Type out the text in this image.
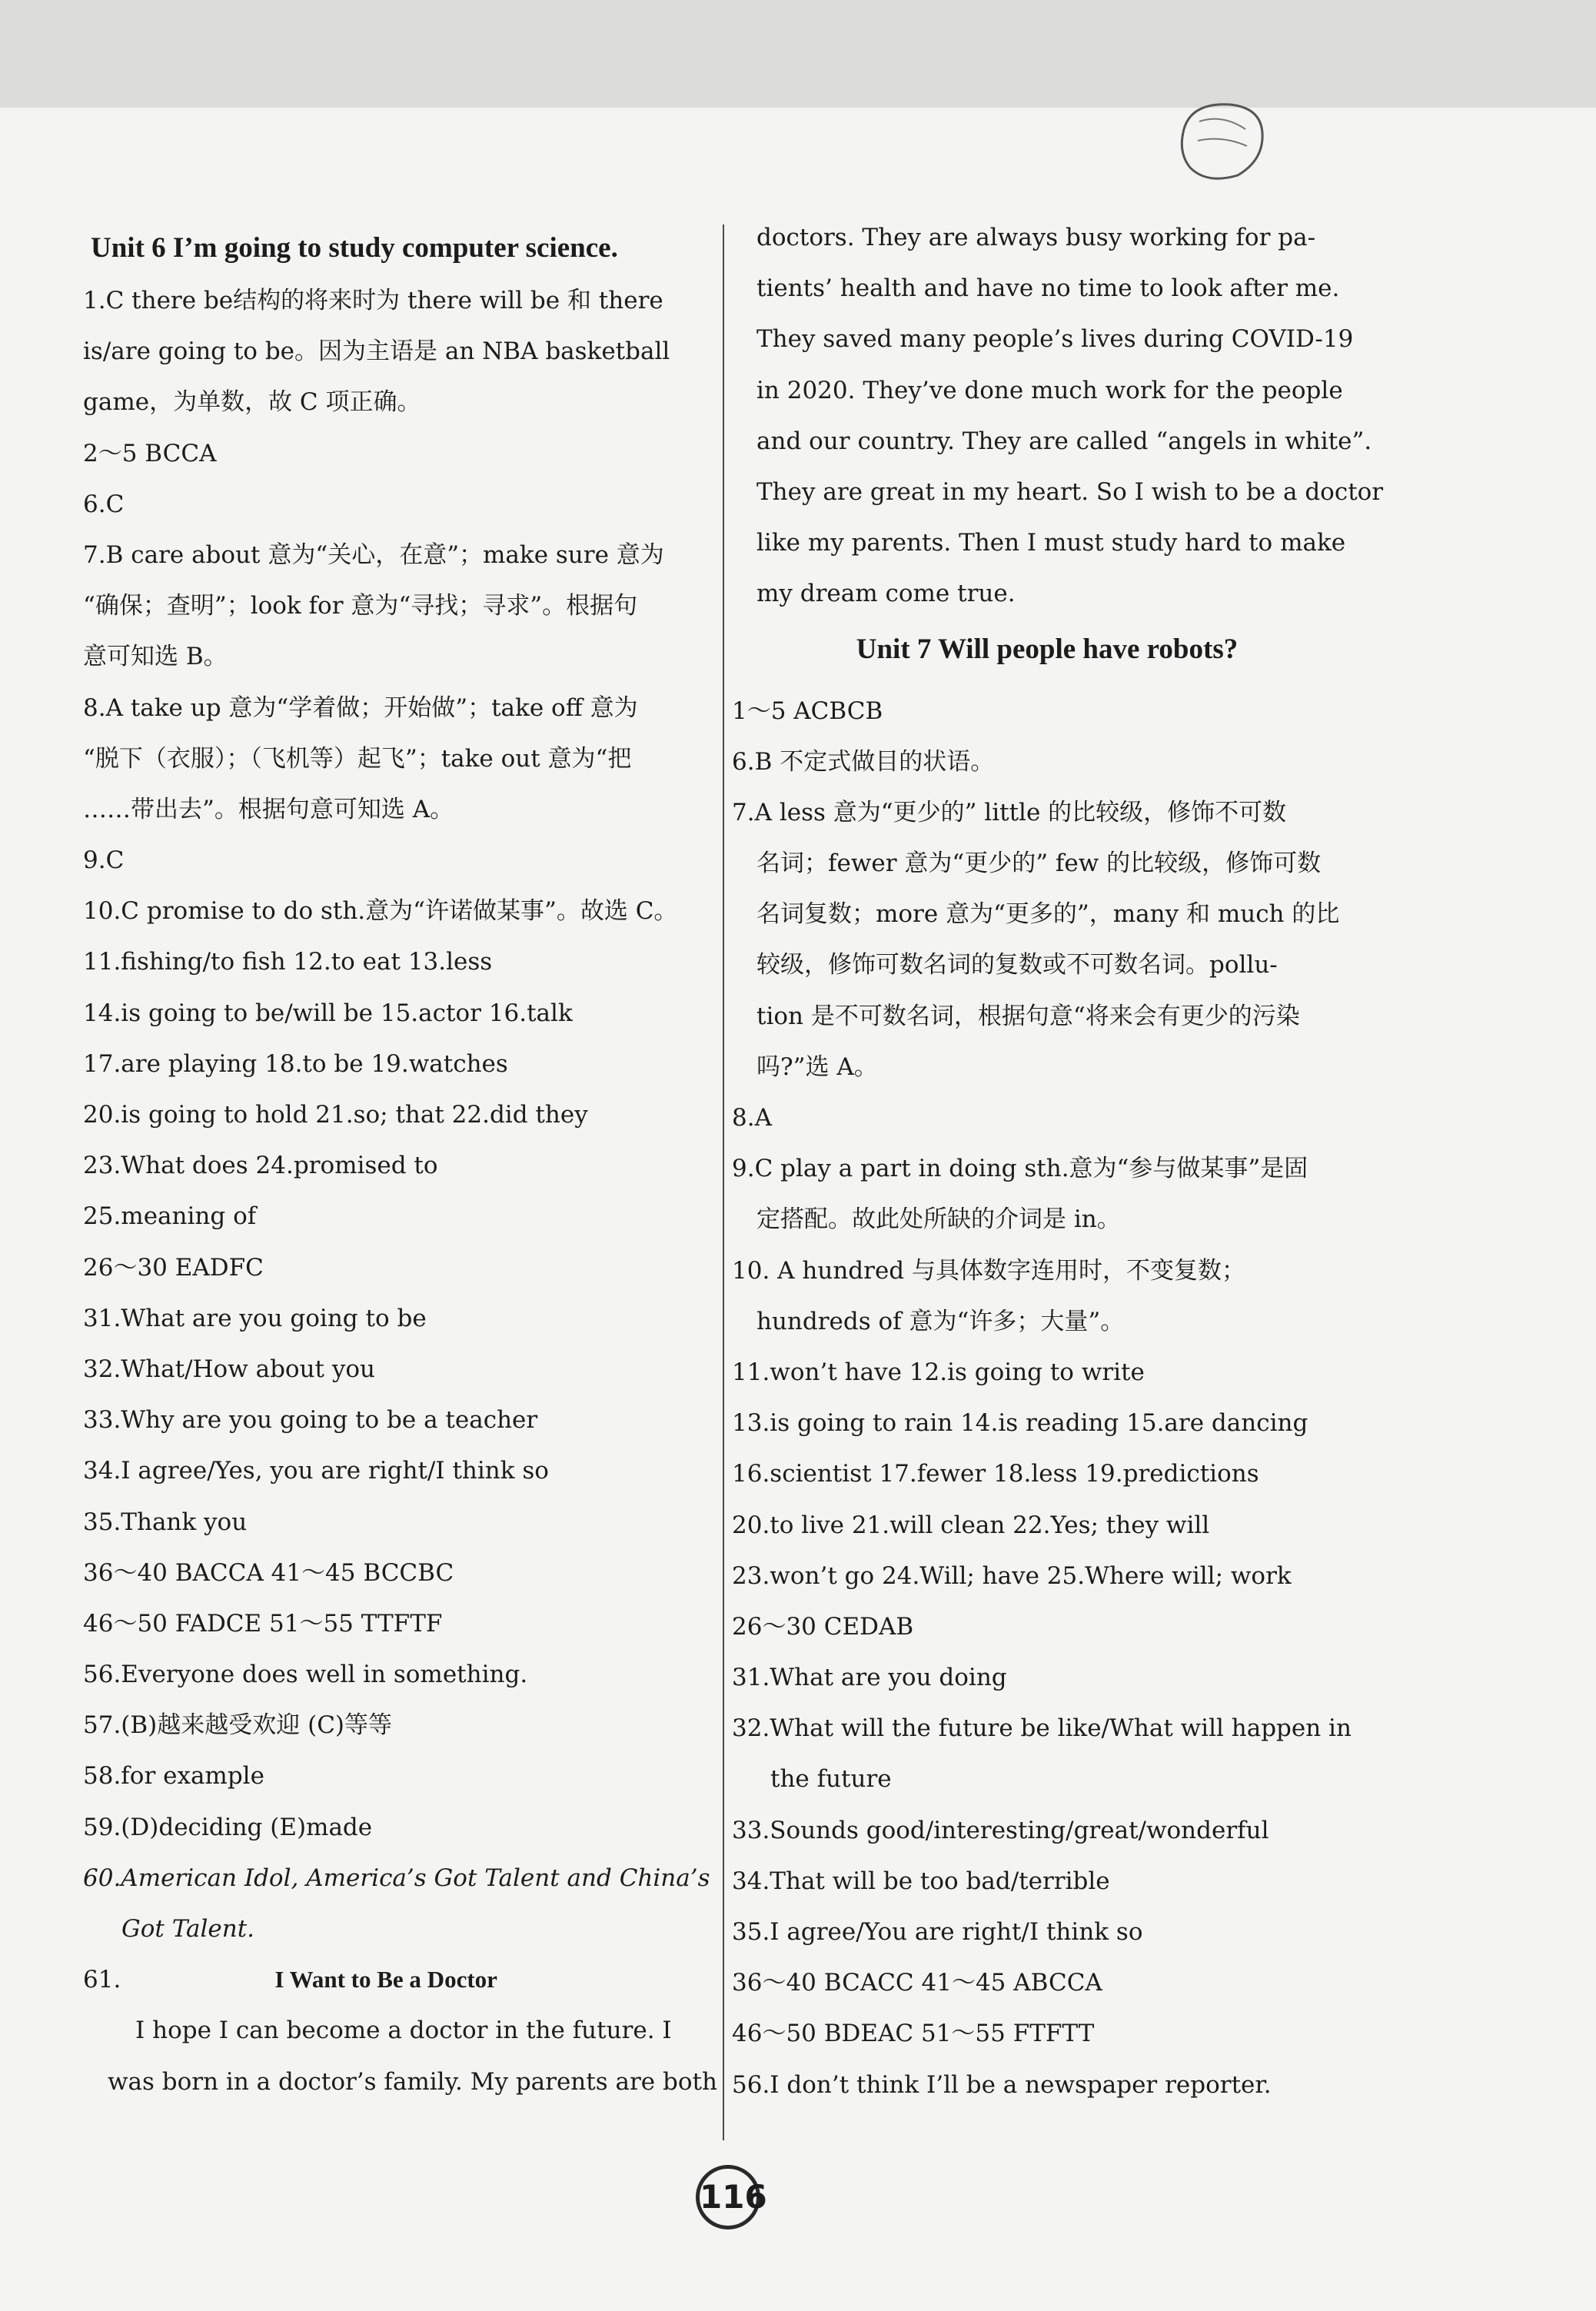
Unit 6 I’m going to study computer science.
1.C there be结构的将来时为 there will be 和 there
is/are going to be。因为主语是 an NBA basketball
game，为单数，故 C 项正确。
2～5 BCCA
6.C
7.B care about 意为“关心，在意”；make sure 意为
“确保；查明”；look for 意为“寻找；寻求”。根据句
意可知选 B。
8.A take up 意为“学着做；开始做”；take off 意为
“脱下（衣服）；（飞机等）起飞”；take out 意为“把
……带出去”。根据句意可知选 A。
9.C
10.C promise to do sth.意为“许诺做某事”。故选 C。
11.fishing/to fish 12.to eat 13.less
14.is going to be/will be 15.actor 16.talk
17.are playing 18.to be 19.watches
20.is going to hold 21.so; that 22.did they
23.What does 24.promised to
25.meaning of
26～30 EADFC
31.What are you going to be
32.What/How about you
33.Why are you going to be a teacher
34.I agree/Yes, you are right/I think so
35.Thank you
36～40 BACCA 41～45 BCCBC
46～50 FADCE 51～55 TTFTF
56.Everyone does well in something.
57.(B)越来越受欢迎 (C)等等
58.for example
59.(D)deciding (E)made
60.American Idol, America’s Got Talent and China’s
Got Talent.
61.	I Want to Be a Doctor
I hope I can become a doctor in the future. I
was born in a doctor’s family. My parents are both
doctors. They are always busy working for pa-
tients’ health and have no time to look after me.
They saved many people’s lives during COVID-19
in 2020. They’ve done much work for the people
and our country. They are called “angels in white”.
They are great in my heart. So I wish to be a doctor
like my parents. Then I must study hard to make
my dream come true.
Unit 7 Will people have robots?
1～5 ACBCB
6.B 不定式做目的状语。
7.A less 意为“更少的” little 的比较级，修饰不可数
名词；fewer 意为“更少的” few 的比较级，修饰可数
名词复数；more 意为“更多的”，many 和 much 的比
较级，修饰可数名词的复数或不可数名词。pollu-
tion 是不可数名词，根据句意“将来会有更少的污染
吗?”选 A。
8.A
9.C play a part in doing sth.意为“参与做某事”是固
定搭配。故此处所缺的介词是 in。
10. A hundred 与具体数字连用时，不变复数；
hundreds of 意为“许多；大量”。
11.won’t have 12.is going to write
13.is going to rain 14.is reading 15.are dancing
16.scientist 17.fewer 18.less 19.predictions
20.to live 21.will clean 22.Yes; they will
23.won’t go 24.Will; have 25.Where will; work
26～30 CEDAB
31.What are you doing
32.What will the future be like/What will happen in
the future
33.Sounds good/interesting/great/wonderful
34.That will be too bad/terrible
35.I agree/You are right/I think so
36～40 BCACC 41～45 ABCCA
46～50 BDEAC 51～55 FTFTT
56.I don’t think I’ll be a newspaper reporter.
116
